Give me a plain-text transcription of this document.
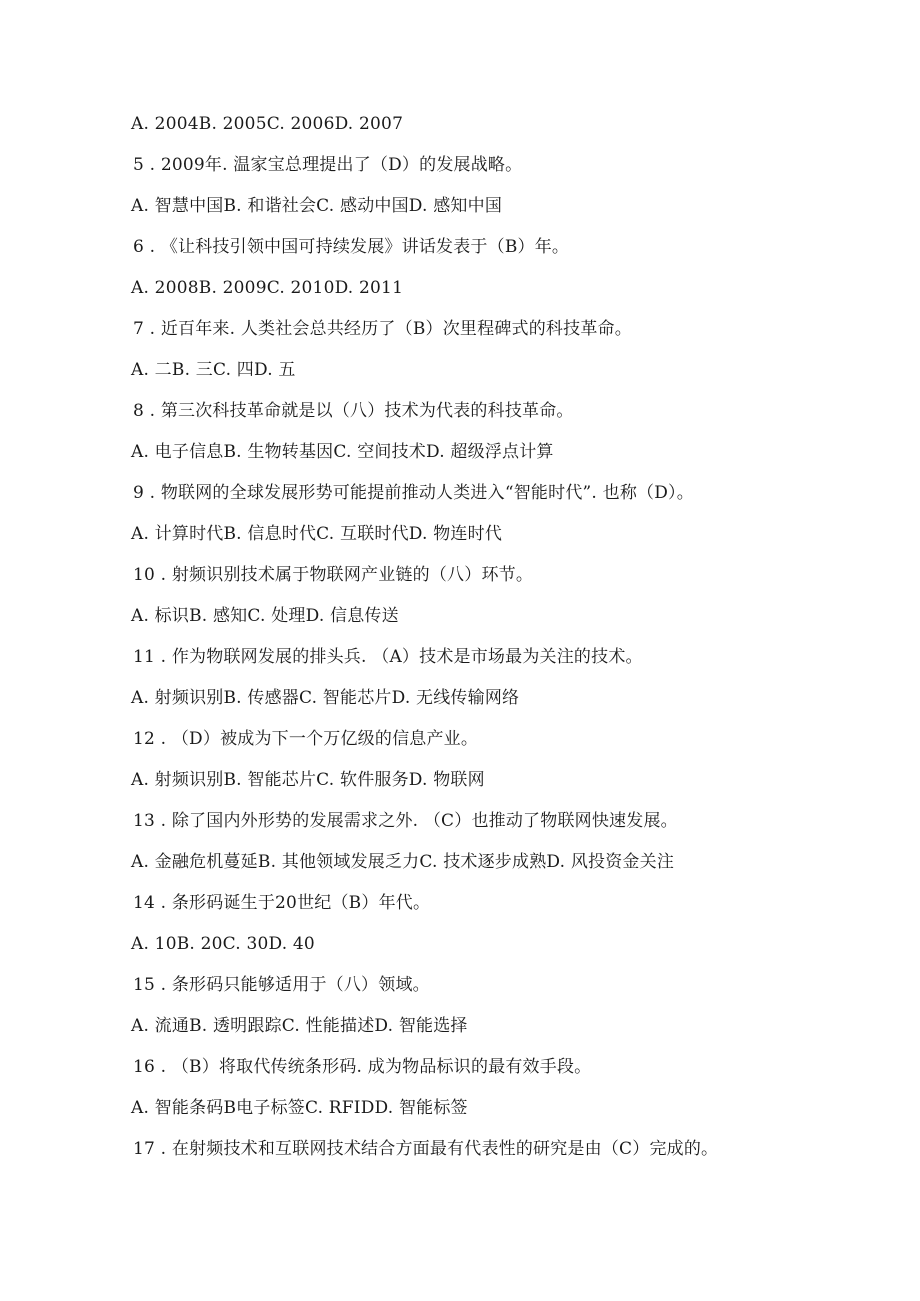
A. 2004B. 2005C. 2006D. 2007
5 . 2009年. 温家宝总理提出了（D）的发展战略。
A. 智慧中国B. 和谐社会C. 感动中国D. 感知中国
6 . 《让科技引领中国可持续发展》讲话发表于（B）年。
A. 2008B. 2009C. 2010D. 2011
7 . 近百年来. 人类社会总共经历了（B）次里程碑式的科技革命。
A. 二B. 三C. 四D. 五
8 . 第三次科技革命就是以（八）技术为代表的科技革命。
A. 电子信息B. 生物转基因C. 空间技术D. 超级浮点计算
9 . 物联网的全球发展形势可能提前推动人类进入“智能时代”. 也称（D）。
A. 计算时代B. 信息时代C. 互联时代D. 物连时代
10 . 射频识别技术属于物联网产业链的（八）环节。
A. 标识B. 感知C. 处理D. 信息传送
11 . 作为物联网发展的排头兵. （A）技术是市场最为关注的技术。
A. 射频识别B. 传感器C. 智能芯片D. 无线传输网络
12 . （D）被成为下一个万亿级的信息产业。
A. 射频识别B. 智能芯片C. 软件服务D. 物联网
13 . 除了国内外形势的发展需求之外. （C）也推动了物联网快速发展。
A. 金融危机蔓延B. 其他领域发展乏力C. 技术逐步成熟D. 风投资金关注
14 . 条形码诞生于20世纪（B）年代。
A. 10B. 20C. 30D. 40
15 . 条形码只能够适用于（八）领域。
A. 流通B. 透明跟踪C. 性能描述D. 智能选择
16 . （B）将取代传统条形码. 成为物品标识的最有效手段。
A. 智能条码B电子标签C. RFIDD. 智能标签
17 . 在射频技术和互联网技术结合方面最有代表性的研究是由（C）完成的。
